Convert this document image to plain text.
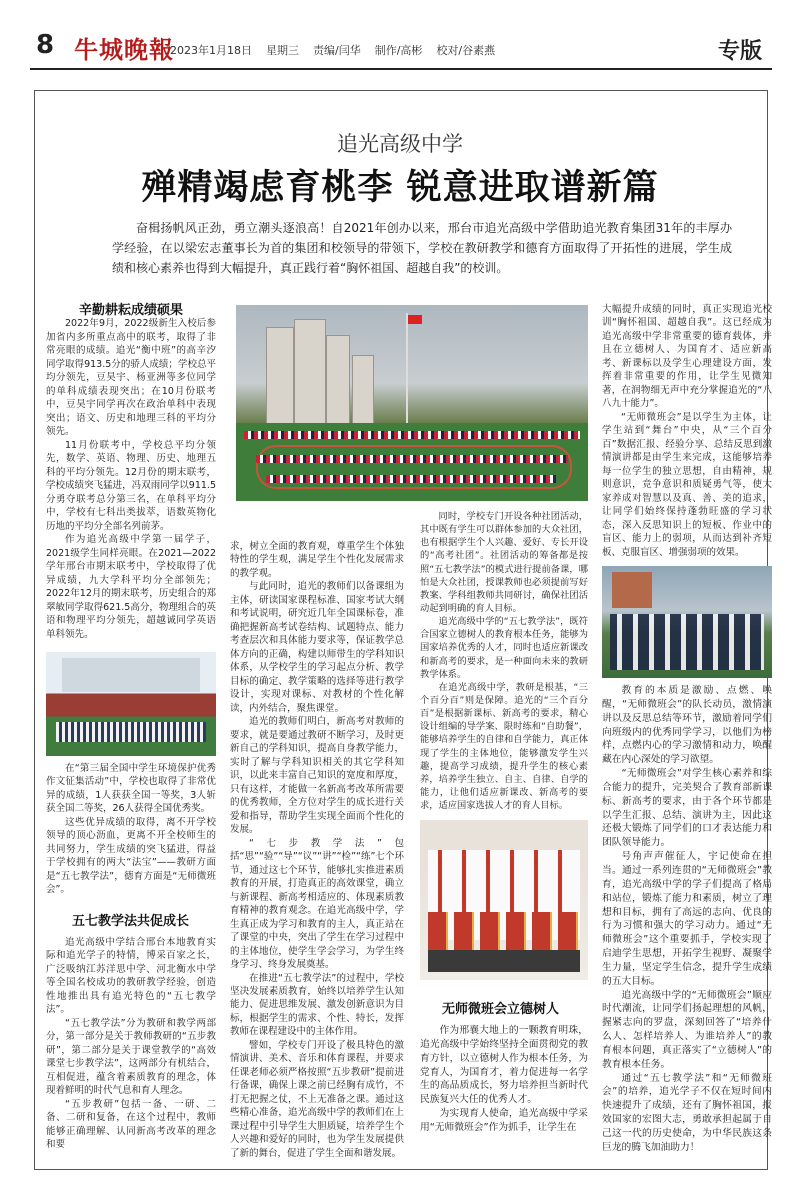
8 牛城晚報
2023年1月18日 星期三 责编/闫华 制作/高彬 校对/谷素燕	专版
追光高级中学
殚精竭虑育桃李 锐意进取谱新篇
奋楫扬帆风正劲，勇立潮头逐浪高！自2021年创办以来，邢台市追光高级中学借助追光教育集团31年的丰厚办学经验，在以梁宏志董事长为首的集团和校领导的带领下，学校在教研教学和德育方面取得了开拓性的进展，学生成绩和核心素养也得到大幅提升，真正践行着“胸怀祖国、超越自我”的校训。

辛勤耕耘成绩硕果

2022年9月，2022级新生入校后参加省内多所重点高中的联考，取得了非常亮眼的成绩。追光“衡中班”的高辛汐同学取得913.5分的骄人成绩；学校总平均分领先，豆昊宇、杨亚洲等多位同学的单科成绩表现突出；在10月份联考中，豆昊宇同学再次在政治单科中表现突出；语文、历史和地理三科的平均分领先。

11月份联考中，学校总平均分领先，数学、英语、物理、历史、地理五科的平均分领先。12月份的期末联考，学校成绩突飞猛进，冯双雨同学以911.5分勇夺联考总分第三名，在单科平均分中，学校有七科出类拔萃，语数英物化历地的平均分全部名列前茅。

作为追光高级中学第一届学子，2021级学生同样亮眼。在2021—2022学年邢台市期末联考中，学校取得了优异成绩，九大学科平均分全部领先；2022年12月的期末联考，历史组合的郑翠敏同学取得621.5高分，物理组合的英语和物理平均分领先，超越诚同学英语单科领先。

在“第三届全国中学生环境保护优秀作文征集活动”中，学校也取得了非常优异的成绩，1人获获全国一等奖，3人斩获全国二等奖，26人获得全国优秀奖。
这些优异成绩的取得，离不开学校领导的顶心沥血，更离不开全校师生的共同努力，学生成绩的突飞猛进，得益于学校拥有的两大“法宝”——教研方面是“五七教学法”，德育方面是“无师微班会”。
五七教学法共促成长

追光高级中学结合邢台本地教育实际和追光学子的特情，博采百家之长，广泛吸纳江苏洋思中学、河北衡水中学等全国名校成功的教研教学经验，创造性地推出具有追光特色的“五七教学法”。

“五七教学法”分为教研和教学两部分，第一部分是关于教师教研的“五步教研”，第二部分是关于课堂教学的“高效课堂七步教学法”，这两部分有机结合，互相促进，蕴含着素质教育的理念，体现着鲜明的时代气息和育人理念。

“五步教研”包括一备、一研、二备、二研和复备，在这个过程中，教师能够正确理解、认同新高考改革的理念和要

求，树立全面的教育观，尊重学生个体独特性的学生观，满足学生个性化发展需求的教学观。

与此同时，追光的教师们以备课组为主体，研读国家课程标准、国家考试大纲和考试说明，研究近几年全国课标卷，准确把握新高考试卷结构、试题特点、能力考查层次和具体能力要求等，保证教学总体方向的正确，构建以师带生的学科知识体系，从学校学生的学习起点分析、教学目标的确定、教学策略的选择等进行教学设计，实现对课标、对教材的个性化解读，内外结合，聚焦课堂。

追光的教师们明白，新高考对教师的要求，就是要通过教研不断学习，及时更新自己的学科知识，提高自身教学能力，实时了解与学科知识相关的其它学科知识，以此来丰富自己知识的宽度和厚度，只有这样，才能做一名新高考改革所需要的优秀教师，全方位对学生的成长进行关爱和指导，帮助学生实现全面而个性化的发展。

“七步教学法”包括“思”“验”“导”“议”“讲”“检”“练”七个环节，通过这七个环节，能够扎实推进素质教育的开展，打造真正的高效课堂，确立与新课程、新高考相适应的、体现素质教育精神的教育观念。在追光高级中学，学生真正成为学习和教育的主人，真正站在了课堂的中央，突出了学生在学习过程中的主体地位，使学生学会学习，为学生终身学习、终身发展奠基。

在推进“五七教学法”的过程中，学校坚决发展素质教育，始终以培养学生认知能力、促进思维发展、激发创新意识为目标，根据学生的需求、个性、特长，发挥教师在课程建设中的主体作用。

譬如，学校专门开设了极具特色的激情演讲、美术、音乐和体育课程，并要求任课老师必须严格按照“五步教研”提前进行备课，确保上课之前已经胸有成竹，不打无把握之仗，不上无准备之课。通过这些精心准备，追光高级中学的教师们在上课过程中引导学生大胆质疑，培养学生个人兴趣和爱好的同时，也为学生发展提供了新的舞台，促进了学生全面和谐发展。

同时，学校专门开设各种社团活动，其中既有学生可以群体参加的大众社团，也有根据学生个人兴趣、爱好、专长开设的“高考社团”。社团活动的筹备都是按照“五七教学法”的模式进行提前备课，哪怕是大众社团，授课教师也必须提前写好教案、学科组教师共同研讨，确保社团活动起到明确的育人目标。

追光高级中学的“五七教学法”，既符合国家立德树人的教育根本任务，能够为国家培养优秀的人才，同时也适应新课改和新高考的要求，是一种面向未来的教研教学体系。

在追光高级中学，教研是根基，“三个百分百”则是保障。追光的“三个百分百”是根据新课标、新高考的要求，精心设计组编的导学案、限时练和“自助餐”，能够培养学生的自律和自学能力，真正体现了学生的主体地位，能够激发学生兴趣，提高学习成绩，提升学生的核心素养，培养学生独立、自主、自律、自学的能力，让他们适应新课改、新高考的要求，适应国家选拔人才的育人目标。

无师微班会立德树人

作为邢襄大地上的一颗教育明珠，追光高级中学始终坚持全面贯彻党的教育方针，以立德树人作为根本任务，为党育人，为国育才，着力促进每一名学生的高品质成长，努力培养担当新时代民族复兴大任的优秀人才。

为实现育人使命，追光高级中学采用“无师微班会”作为抓手，让学生在

大幅提升成绩的同时，真正实现追光校训“胸怀祖国、超越自我”。这已经成为追光高级中学非常重要的德育载体，并且在立德树人、为国育才、适应新高考、新课标以及学生心理建设方面，发挥着非常重要的作用，让学生见微知著，在润物细无声中充分掌握追光的“八八九十能力”。

“无师微班会”是以学生为主体，让学生站到“舞台”中央，从“三个百分百”数据汇报、经验分享、总结反思到激情演讲都是由学生来完成，这能够培养每一位学生的独立思想，自由精神，规则意识，竞争意识和质疑勇气等，使大家养成对智慧以及真、善、美的追求，让同学们始终保持蓬勃旺盛的学习状态，深入反思知识上的短板、作业中的盲区、能力上的弱项，从而达到补齐短板、克服盲区、增强弱项的效果。

教育的本质是激励、点燃、唤醒，“无师微班会”的队长动员，激情演讲以及反思总结等环节，激励着同学们向班级内的优秀同学学习，以他们为榜样，点燃内心的学习激情和动力，唤醒藏在内心深处的学习欲望。

“无师微班会”对学生核心素养和综合能力的提升，完美契合了教育部新课标、新高考的要求，由于各个环节都是以学生汇报、总结、演讲为主，因此这还极大锻炼了同学们的口才表达能力和团队领导能力。

号角声声催征人，宇记使命在担当。通过一系列连贯的“无师微班会”教育，追光高级中学的学子们提高了格局和站位，锻炼了能力和素质，树立了理想和目标，拥有了高远的志向、优良的行为习惯和强大的学习动力。通过“无师微班会”这个重要抓手，学校实现了启迪学生思想，开拓学生视野、凝聚学生力量，坚定学生信念，提升学生成绩的五大目标。

追光高级中学的“无师微班会”顺应时代潮流，让同学们扬起理想的风帆，握紧志向的罗盘，深刻回答了“培养什么人、怎样培养人、为谁培养人”的教育根本问题，真正落实了“立德树人”的教育根本任务。

通过“五七教学法”和“无师微班会”的培养，追光学子不仅在短时间内快速提升了成绩，还有了胸怀祖国，报效国家的宏图大志，勇敢承担起属于自己这一代的历史使命，为中华民族这条巨龙的腾飞加油助力！
